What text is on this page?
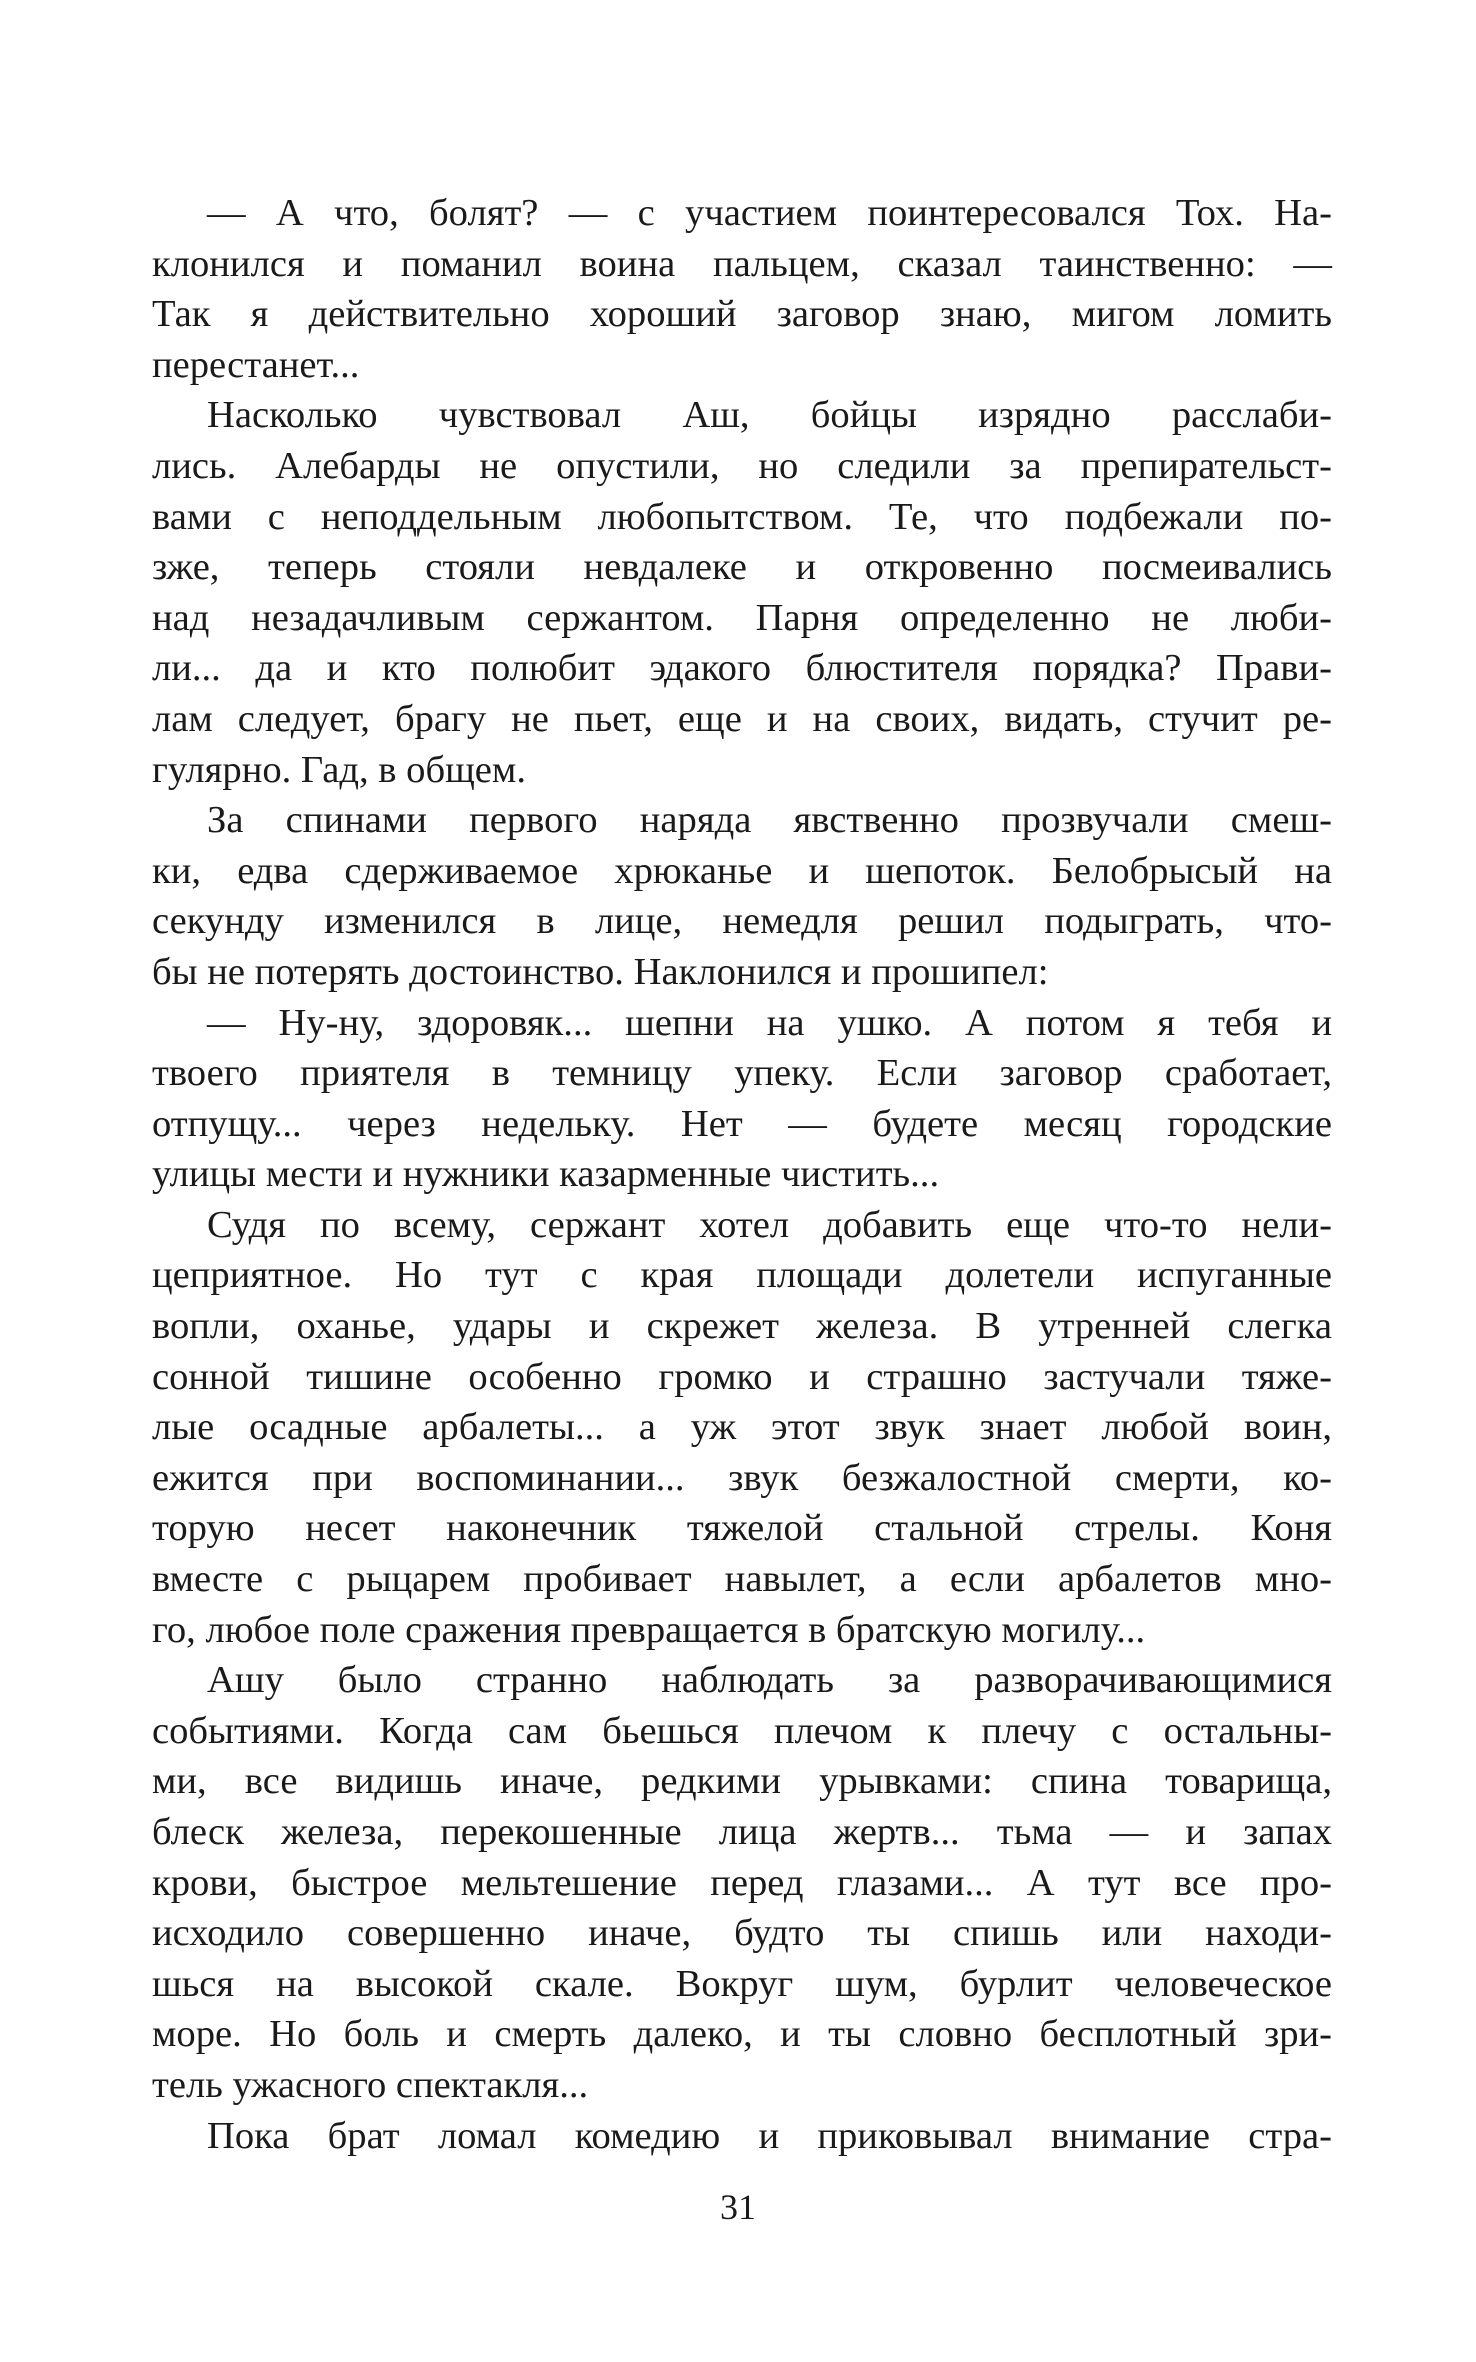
— А что, болят? — с участием поинтересовался Тох. На-
клонился и поманил воина пальцем, сказал таинственно: —
Так я действительно хороший заговор знаю, мигом ломить
перестанет...
Насколько чувствовал Аш, бойцы изрядно расслаби-
лись. Алебарды не опустили, но следили за препирательст-
вами с неподдельным любопытством. Те, что подбежали по-
зже, теперь стояли невдалеке и откровенно посмеивались
над незадачливым сержантом. Парня определенно не люби-
ли... да и кто полюбит эдакого блюстителя порядка? Прави-
лам следует, брагу не пьет, еще и на своих, видать, стучит ре-
гулярно. Гад, в общем.
За спинами первого наряда явственно прозвучали смеш-
ки, едва сдерживаемое хрюканье и шепоток. Белобрысый на
секунду изменился в лице, немедля решил подыграть, что-
бы не потерять достоинство. Наклонился и прошипел:
— Ну-ну, здоровяк... шепни на ушко. А потом я тебя и
твоего приятеля в темницу упеку. Если заговор сработает,
отпущу... через недельку. Нет — будете месяц городские
улицы мести и нужники казарменные чистить...
Судя по всему, сержант хотел добавить еще что-то нели-
цеприятное. Но тут с края площади долетели испуганные
вопли, оханье, удары и скрежет железа. В утренней слегка
сонной тишине особенно громко и страшно застучали тяже-
лые осадные арбалеты... а уж этот звук знает любой воин,
ежится при воспоминании... звук безжалостной смерти, ко-
торую несет наконечник тяжелой стальной стрелы. Коня
вместе с рыцарем пробивает навылет, а если арбалетов мно-
го, любое поле сражения превращается в братскую могилу...
Ашу было странно наблюдать за разворачивающимися
событиями. Когда сам бьешься плечом к плечу с остальны-
ми, все видишь иначе, редкими урывками: спина товарища,
блеск железа, перекошенные лица жертв... тьма — и запах
крови, быстрое мельтешение перед глазами... А тут все про-
исходило совершенно иначе, будто ты спишь или находи-
шься на высокой скале. Вокруг шум, бурлит человеческое
море. Но боль и смерть далеко, и ты словно бесплотный зри-
тель ужасного спектакля...
Пока брат ломал комедию и приковывал внимание стра-
31
